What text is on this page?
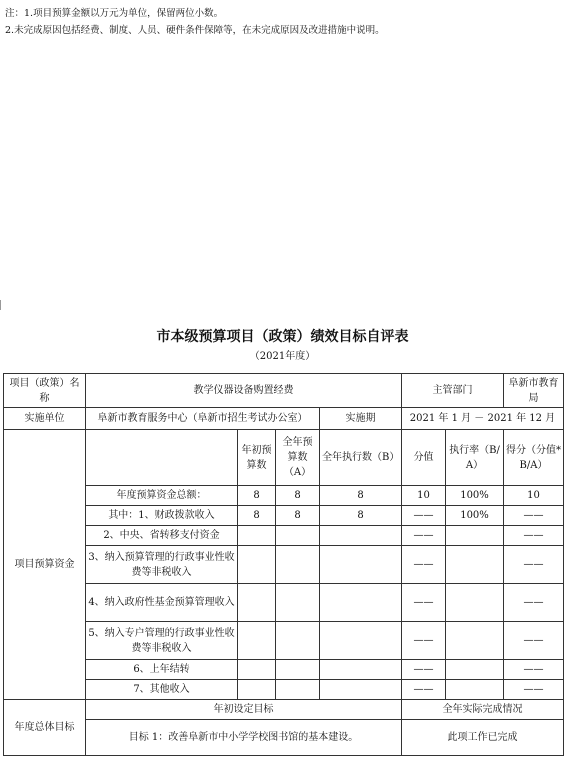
注：1.项目预算金额以万元为单位，保留两位小数。
2.未完成原因包括经费、制度、人员、硬件条件保障等，在未完成原因及改进措施中说明。
市本级预算项目（政策）绩效目标自评表
（2021年度）
项目（政策）名称	教学仪器设备购置经费				主管部门		阜新市教育局
实施单位	阜新市教育服务中心（阜新市招生考试办公室）			实施期	2021 年 1 月 － 2021 年 12 月		
项目预算资金		年初预算数	全年预算数（A）	全年执行数（B）	分值	执行率（B/A）	得分（分值*B/A）
	年度预算资金总额：	8	8	8	10	100%	10
	其中：1、财政拨款收入	8	8	8	——	100%	——
	2、中央、省转移支付资金				——		——
	3、纳入预算管理的行政事业性收费等非税收入				——		——
	4、纳入政府性基金预算管理收入				——		——
	5、纳入专户管理的行政事业性收费等非税收入				——		——
	6、上年结转				——		——
	7、其他收入				——		——
年度总体目标	年初设定目标				全年实际完成情况		
	目标 1：改善阜新市中小学学校图书馆的基本建设。				此项工作已完成		
